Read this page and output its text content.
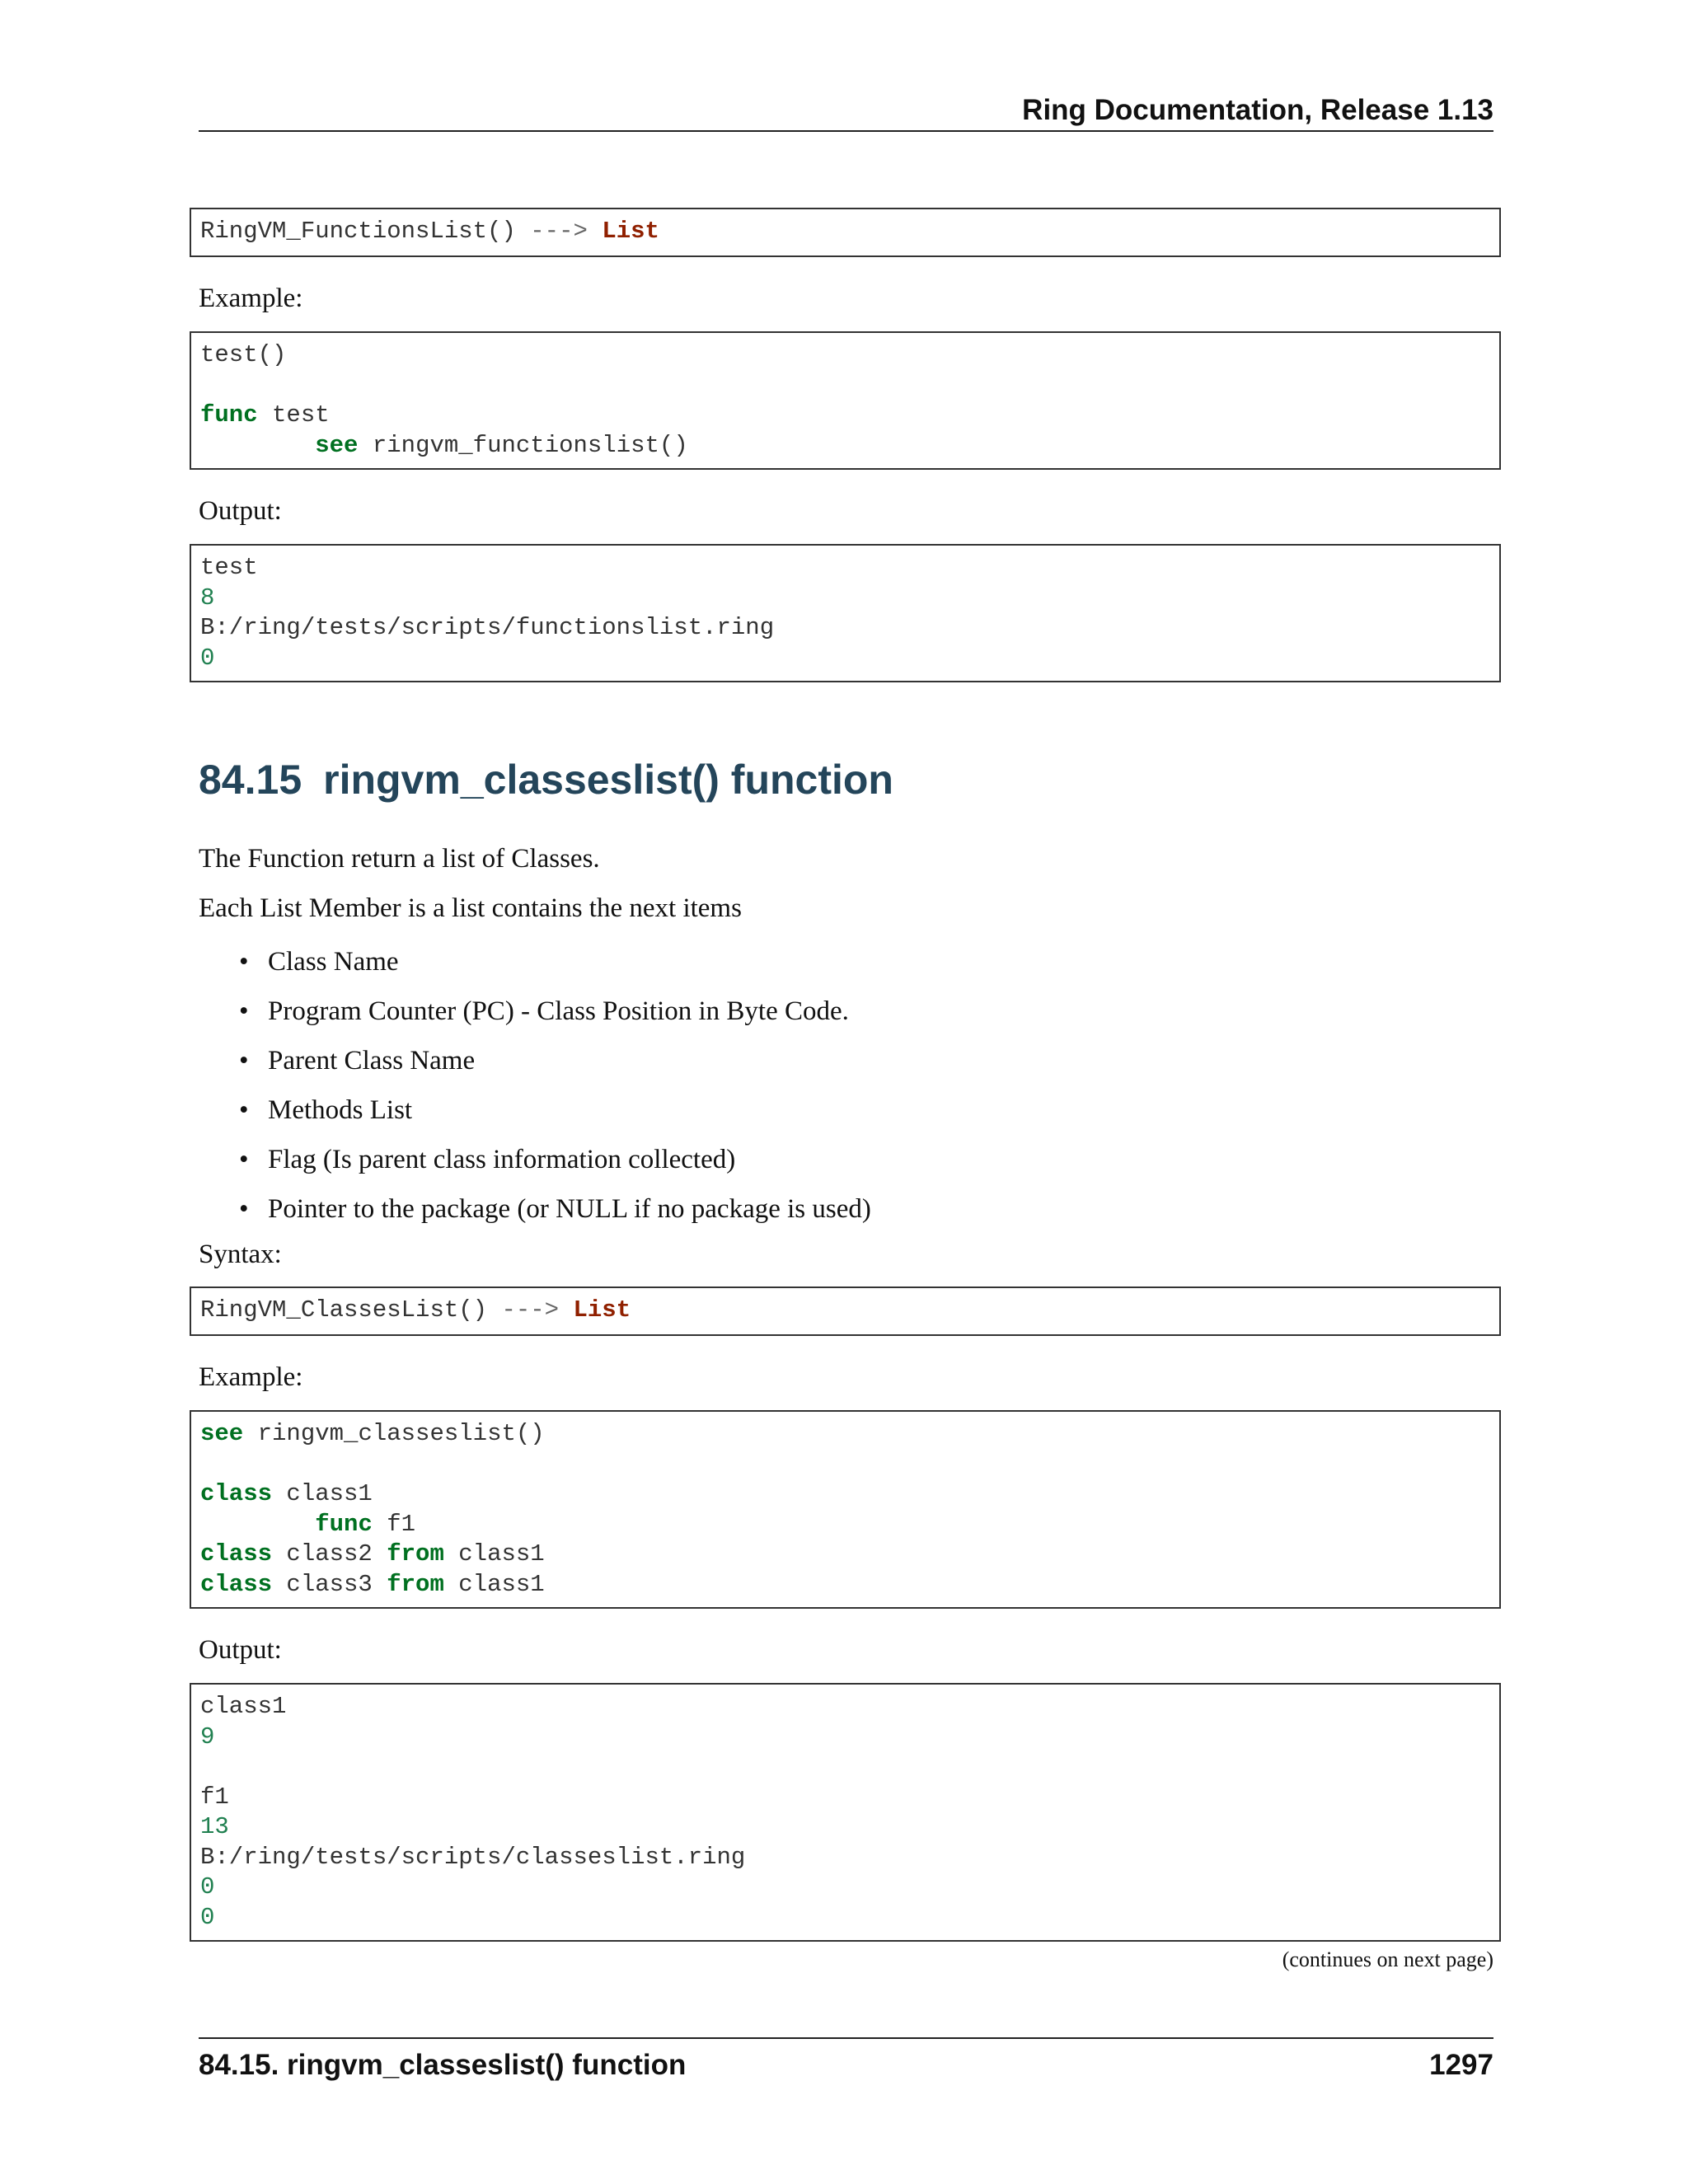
Ring Documentation, Release 1.13
RingVM_FunctionsList() ---> List
Example:
test()
func test
see ringvm_functionslist()
Output:
test
8
B:/ring/tests/scripts/functionslist.ring
0
84.15 ringvm_classeslist() function
The Function return a list of Classes.
Each List Member is a list contains the next items
• Class Name
• Program Counter (PC) - Class Position in Byte Code.
• Parent Class Name
• Methods List
• Flag (Is parent class information collected)
• Pointer to the package (or NULL if no package is used)
Syntax:
RingVM_ClassesList() ---> List
Example:
see ringvm_classeslist()
class class1
func f1
class class2 from class1
class class3 from class1
Output:
class1
9
f1
13
B:/ring/tests/scripts/classeslist.ring
0
0
(continues on next page)
84.15. ringvm_classeslist() function	1297
